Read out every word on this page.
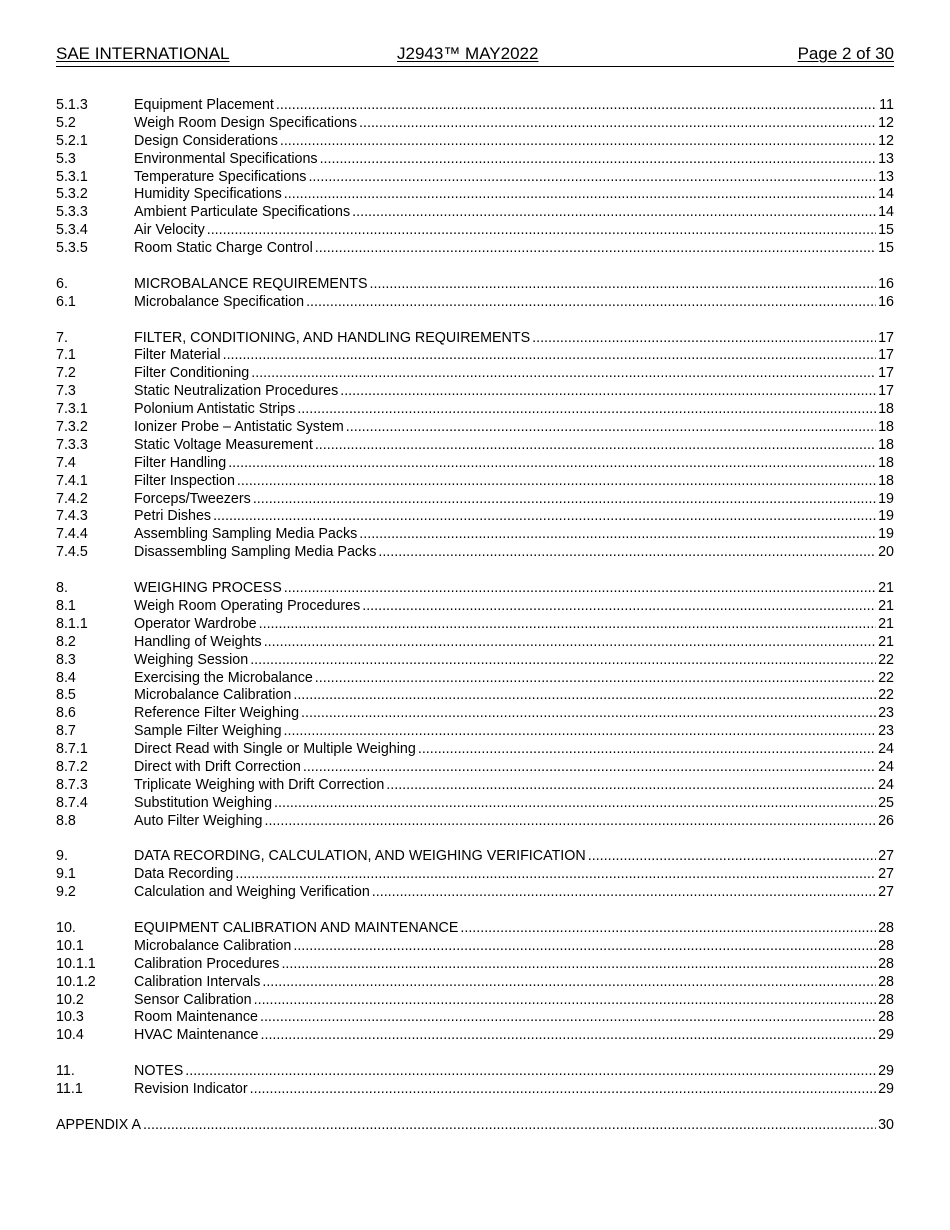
SAE INTERNATIONAL	J2943™ MAY2022	Page 2 of 30
5.1.3	Equipment Placement .....	11
5.2	Weigh Room Design Specifications .....	12
5.2.1	Design Considerations .....	12
5.3	Environmental Specifications .....	13
5.3.1	Temperature Specifications .....	13
5.3.2	Humidity Specifications .....	14
5.3.3	Ambient Particulate Specifications .....	14
5.3.4	Air Velocity .....	15
5.3.5	Room Static Charge Control .....	15
6.	MICROBALANCE REQUIREMENTS .....	16
6.1	Microbalance Specification .....	16
7.	FILTER, CONDITIONING, AND HANDLING REQUIREMENTS .....	17
7.1	Filter Material .....	17
7.2	Filter Conditioning .....	17
7.3	Static Neutralization Procedures .....	17
7.3.1	Polonium Antistatic Strips .....	18
7.3.2	Ionizer Probe – Antistatic System .....	18
7.3.3	Static Voltage Measurement .....	18
7.4	Filter Handling .....	18
7.4.1	Filter Inspection .....	18
7.4.2	Forceps/Tweezers .....	19
7.4.3	Petri Dishes .....	19
7.4.4	Assembling Sampling Media Packs .....	19
7.4.5	Disassembling Sampling Media Packs .....	20
8.	WEIGHING PROCESS .....	21
8.1	Weigh Room Operating Procedures .....	21
8.1.1	Operator Wardrobe .....	21
8.2	Handling of Weights .....	21
8.3	Weighing Session .....	22
8.4	Exercising the Microbalance .....	22
8.5	Microbalance Calibration .....	22
8.6	Reference Filter Weighing .....	23
8.7	Sample Filter Weighing .....	23
8.7.1	Direct Read with Single or Multiple Weighing .....	24
8.7.2	Direct with Drift Correction .....	24
8.7.3	Triplicate Weighing with Drift Correction .....	24
8.7.4	Substitution Weighing .....	25
8.8	Auto Filter Weighing .....	26
9.	DATA RECORDING, CALCULATION, AND WEIGHING VERIFICATION .....	27
9.1	Data Recording .....	27
9.2	Calculation and Weighing Verification .....	27
10.	EQUIPMENT CALIBRATION AND MAINTENANCE .....	28
10.1	Microbalance Calibration .....	28
10.1.1	Calibration Procedures .....	28
10.1.2	Calibration Intervals .....	28
10.2	Sensor Calibration .....	28
10.3	Room Maintenance .....	28
10.4	HVAC Maintenance .....	29
11.	NOTES .....	29
11.1	Revision Indicator .....	29
APPENDIX A .....	30
